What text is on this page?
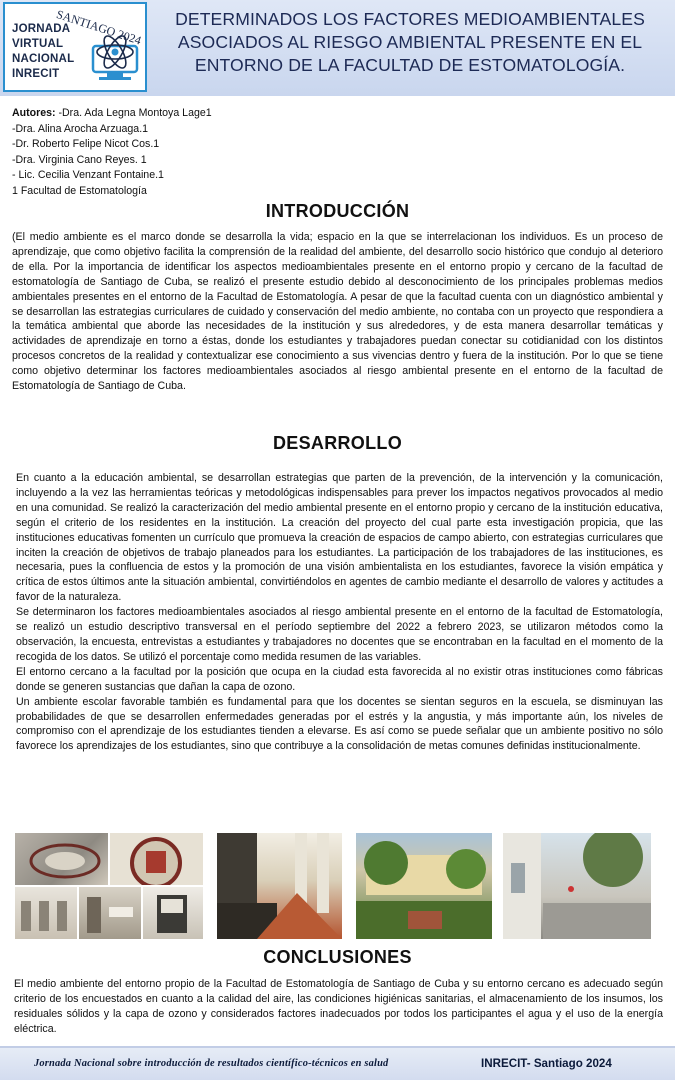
JORNADA
VIRTUAL
NACIONAL
INRECIT
SANTIAGO 2024	DETERMINADOS LOS FACTORES MEDIOAMBIENTALES ASOCIADOS AL RIESGO AMBIENTAL PRESENTE EN EL ENTORNO DE LA FACULTAD DE ESTOMATOLOGÍA.
Autores: -Dra. Ada Legna Montoya Lage1
-Dra. Alina Arocha Arzuaga.1
-Dr. Roberto Felipe Nicot Cos.1
-Dra. Virginia Cano Reyes. 1
- Lic. Cecilia Venzant Fontaine.1
1 Facultad de Estomatología
INTRODUCCIÓN
(El medio ambiente es el marco donde se desarrolla la vida; espacio en la que se interrelacionan los individuos. Es un proceso de aprendizaje, que como objetivo facilita la comprensión de la realidad del ambiente, del desarrollo socio histórico que condujo al deterioro de ella. Por la importancia de identificar los aspectos medioambientales presente en el entorno propio y cercano de la facultad de estomatología de Santiago de Cuba, se realizó el presente estudio debido al desconocimiento de los principales problemas medios ambientales presentes en el entorno de la Facultad de Estomatología. A pesar de que la facultad cuenta con un diagnóstico ambiental y se desarrollan las estrategias curriculares de cuidado y conservación del medio ambiente, no contaba con un proyecto que respondiera a la temática ambiental que aborde las necesidades de la institución y sus alrededores, y de esta manera desarrollar temáticas y actividades de aprendizaje en torno a éstas, donde los estudiantes y trabajadores puedan conectar su cotidianidad con los distintos procesos concretos de la realidad y contextualizar ese conocimiento a sus vivencias dentro y fuera de la institución. Por lo que se tiene como objetivo determinar los factores medioambientales asociados al riesgo ambiental presente en el entorno de la facultad de Estomatología de Santiago de Cuba.
DESARROLLO
En cuanto a la educación ambiental, se desarrollan estrategias que parten de la prevención, de la intervención y la comunicación, incluyendo a la vez las herramientas teóricas y metodológicas indispensables para prever los impactos negativos provocados al medio en una comunidad. Se realizó la caracterización del medio ambiental presente en el entorno propio y cercano de la institución educativa, según el criterio de los residentes en la institución. La creación del proyecto del cual parte esta investigación propicia, que las instituciones educativas fomenten un currículo que promueva la creación de espacios de campo abierto, con estrategias curriculares que inciten la creación de objetivos de trabajo planeados para los estudiantes. La participación de los trabajadores de las instituciones, es necesaria, pues la confluencia de estos y la promoción de una visión ambientalista en los estudiantes, favorece la visión empática y crítica de estos últimos ante la situación ambiental, convirtiéndolos en agentes de cambio mediante el desarrollo de valores y actitudes a favor de la naturaleza.
Se determinaron los factores medioambientales asociados al riesgo ambiental presente en el entorno de la facultad de Estomatología, se realizó un estudio descriptivo transversal en el período septiembre del 2022 a febrero 2023, se utilizaron métodos como la observación, la encuesta, entrevistas a estudiantes y trabajadores no docentes que se encontraban en la facultad en el momento de la recogida de los datos. Se utilizó el porcentaje como medida resumen de las variables.
El entorno cercano a la facultad por la posición que ocupa en la ciudad esta favorecida al no existir otras instituciones como fábricas donde se generen sustancias que dañan la capa de ozono.
Un ambiente escolar favorable también es fundamental para que los docentes se sientan seguros en la escuela, se disminuyan las probabilidades de que se desarrollen enfermedades generadas por el estrés y la angustia, y más importante aún, los niveles de compromiso con el aprendizaje de los estudiantes tienden a elevarse. Es así como se puede señalar que un ambiente positivo no sólo favorece los aprendizajes de los estudiantes, sino que contribuye a la consolidación de metas comunes definidas institucionalmente.
CONCLUSIONES
El medio ambiente del entorno propio de la Facultad de Estomatología de Santiago de Cuba y su entorno cercano es adecuado según criterio de los encuestados en cuanto a la calidad del aire, las condiciones higiénicas sanitarias, el almacenamiento de los insumos, los residuales sólidos y la capa de ozono y considerados factores inadecuados por todos los participantes el agua y el uso de la energía eléctrica.
Jornada Nacional sobre introducción de resultados científico-técnicos en salud	INRECIT- Santiago 2024
